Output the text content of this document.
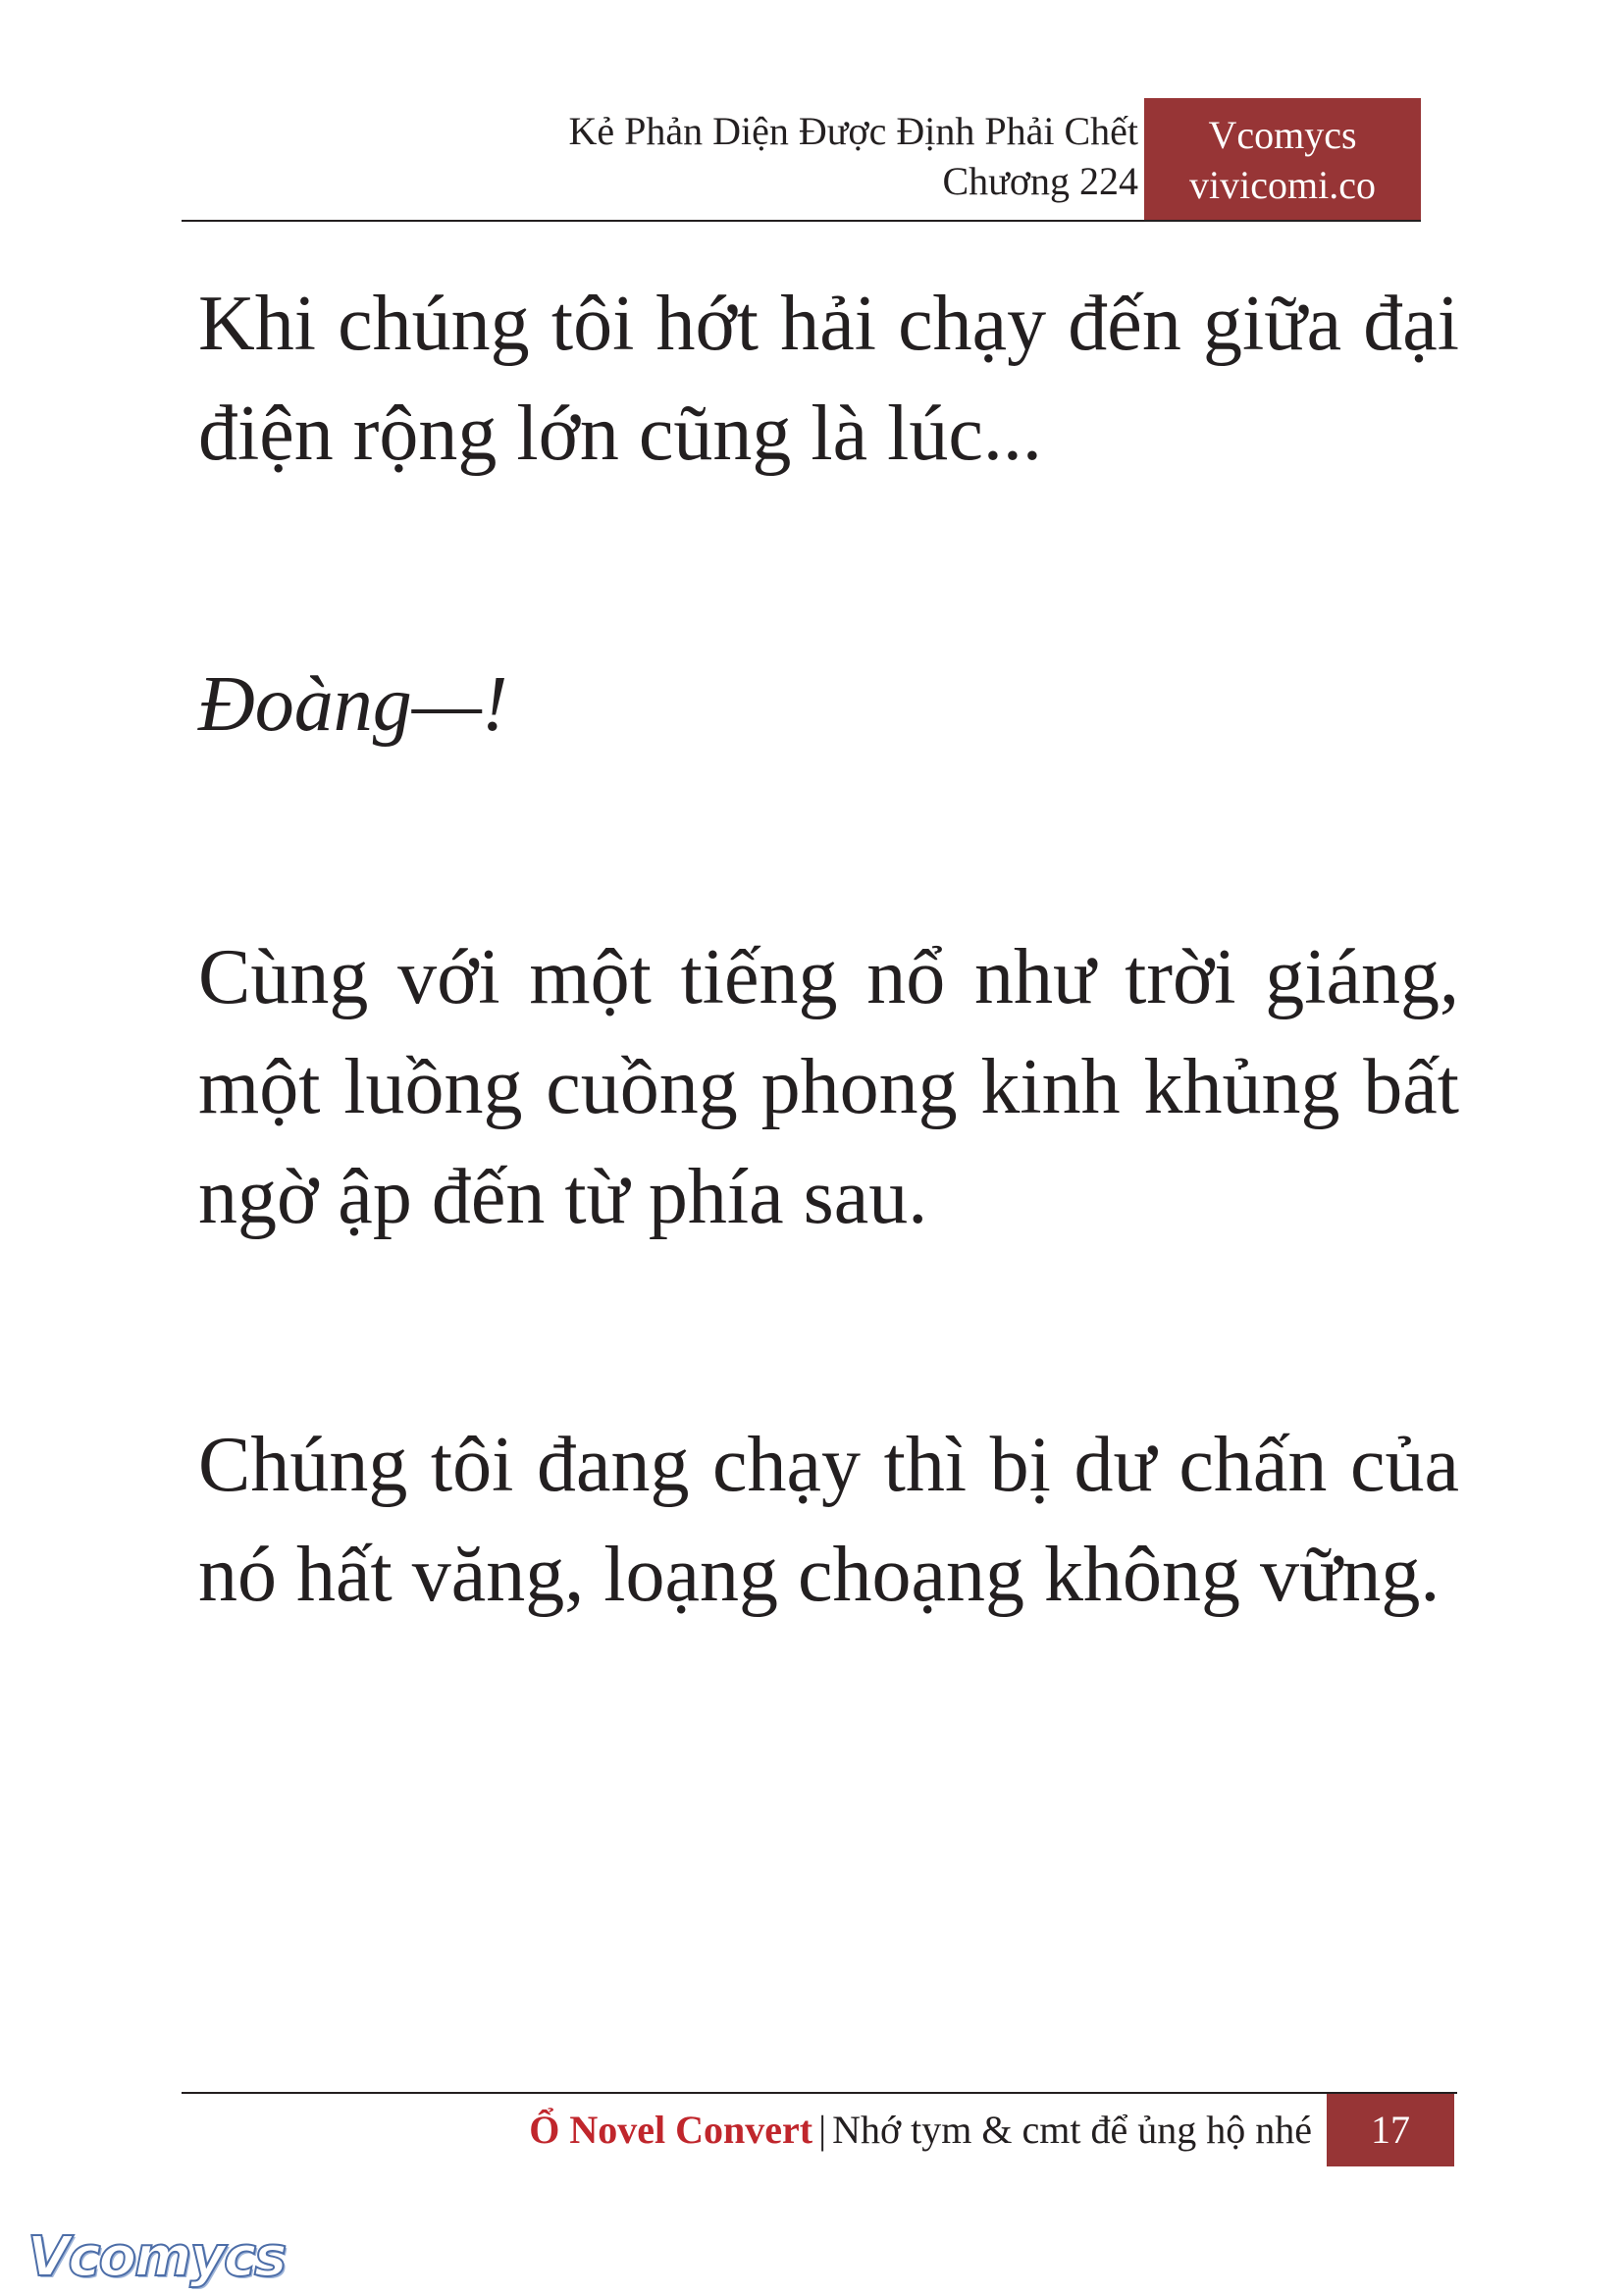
Kẻ Phản Diện Được Định Phải Chết
Chương 224
Vcomycs
vivicomi.co

Khi chúng tôi hớt hải chạy đến giữa đại điện rộng lớn cũng là lúc...

Đoàng—!

Cùng với một tiếng nổ như trời giáng, một luồng cuồng phong kinh khủng bất ngờ ập đến từ phía sau.

Chúng tôi đang chạy thì bị dư chấn của nó hất văng, loạng choạng không vững.

Ổ Novel Convert | Nhớ tym & cmt để ủng hộ nhé	17
Vcomycs
